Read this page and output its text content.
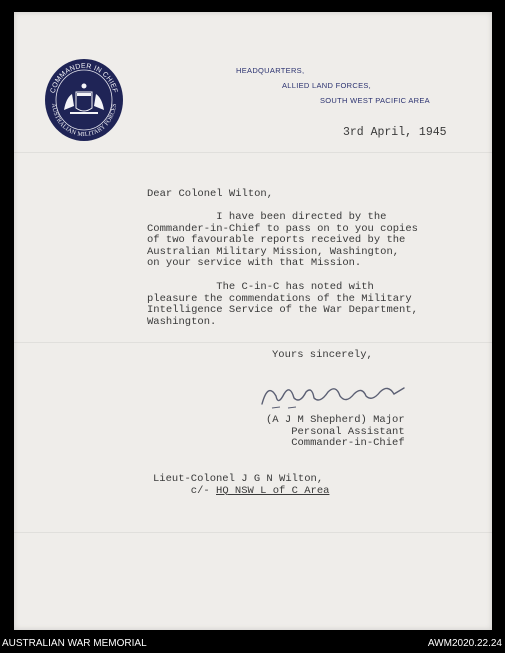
COMMANDER IN CHIEF
AUSTRALIAN MILITARY FORCES
HEADQUARTERS,
ALLIED LAND FORCES,
SOUTH WEST PACIFIC AREA
3rd April, 1945
Dear Colonel Wilton,
I have been directed by the
Commander-in-Chief to pass on to you copies
of two favourable reports received by the
Australian Military Mission, Washington,
on your service with that Mission.
The C-in-C has noted with
pleasure the commendations of the Military
Intelligence Service of the War Department,
Washington.
Yours sincerely,
(A J M Shepherd) Major
Personal Assistant
Commander-in-Chief
Lieut-Colonel J G N Wilton,
c/- HQ NSW L of C Area
AUSTRALIAN WAR MEMORIAL	AWM2020.22.24
